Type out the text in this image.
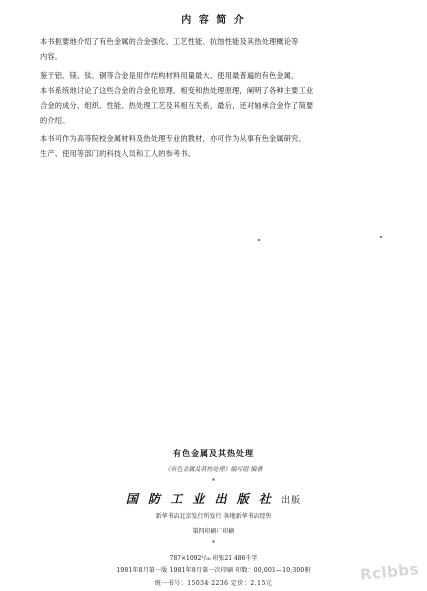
内 容 简 介

本书扼要地介绍了有色金属的合金强化、工艺性能、抗蚀性能及其热处理概论等
内容。

鉴于铝、镁、钛、铜等合金是用作结构材料用量最大、使用最普遍的有色金属，
本书系统地讨论了这些合金的合金化原理、相变和热处理原理，阐明了各种主要工业
合金的成分、组织、性能、热处理工艺及其相互关系，最后，还对轴承合金作了简要
的介绍。

本书可作为高等院校金属材料及热处理专业的教材，亦可作为从事有色金属研究、
生产、使用等部门的科技人员和工人的参考书。

有色金属及其热处理
《有色金属及其热处理》编写组 编著
*
国 防 工 业 出 版 社 出版
新华书店北京发行所发行 各地新华书店经售
第四印刷厂印刷
*
787×1092¹/₁₆ 印张21 486千字
1981年8月第一版 1981年8月第一次印刷 印数：00,001—10,300册
统一书号：15034·2236 定价：2.15元	Rclbbs
